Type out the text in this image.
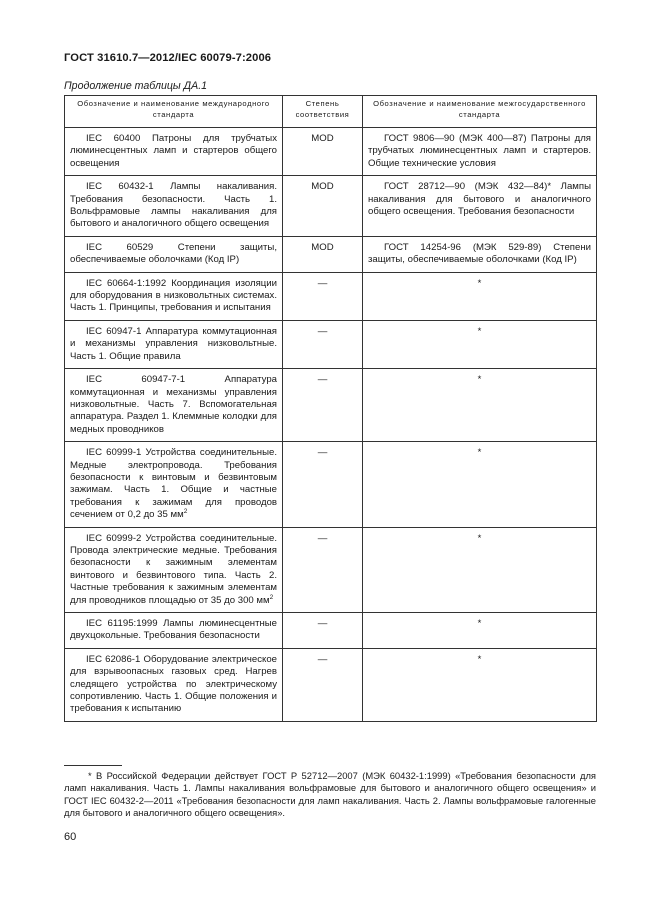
ГОСТ 31610.7—2012/IEC 60079-7:2006
Продолжение таблицы ДА.1
Обозначение и наименование международного стандарта	Степень соответствия	Обозначение и наименование межгосударственного стандарта
IEC 60400 Патроны для трубчатых люминесцентных ламп и стартеров общего освещения	MOD	ГОСТ 9806—90 (МЭК 400—87) Патроны для трубчатых люминесцентных ламп и стартеров. Общие технические условия
IEC 60432-1 Лампы накаливания. Требования безопасности. Часть 1. Вольфрамовые лампы накаливания для бытового и аналогичного общего освещения	MOD	ГОСТ 28712—90 (МЭК 432—84)* Лампы накаливания для бытового и аналогичного общего освещения. Требования безопасности
IEC 60529 Степени защиты, обеспечиваемые оболочками (Код IP)	MOD	ГОСТ 14254-96 (МЭК 529-89) Степени защиты, обеспечиваемые оболочками (Код IP)
IEC 60664-1:1992 Координация изоляции для оборудования в низковольтных системах. Часть 1. Принципы, требования и испытания	—	*
IEC 60947-1 Аппаратура коммутационная и механизмы управления низковольтные. Часть 1. Общие правила	—	*
IEC 60947-7-1 Аппаратура коммутационная и механизмы управления низковольтные. Часть 7. Вспомогательная аппаратура. Раздел 1. Клеммные колодки для медных проводников	—	*
IEC 60999-1 Устройства соединительные. Медные электропровода. Требования безопасности к винтовым и безвинтовым зажимам. Часть 1. Общие и частные требования к зажимам для проводов сечением от 0,2 до 35 $мм^2$	—	*
IEC 60999-2 Устройства соединительные. Провода электрические медные. Требования безопасности к зажимным элементам винтового и безвинтового типа. Часть 2. Частные требования к зажимным элементам для проводников площадью от 35 до 300 $мм^2$	—	*
IEC 61195:1999 Лампы люминесцентные двухцокольные. Требования безопасности	—	*
IEC 62086-1 Оборудование электрическое для взрывоопасных газовых сред. Нагрев следящего устройства по электрическому сопротивлению. Часть 1. Общие положения и требования к испытанию	—	*
* В Российской Федерации действует ГОСТ Р 52712—2007 (МЭК 60432-1:1999) «Требования безопасности для ламп накаливания. Часть 1. Лампы накаливания вольфрамовые для бытового и аналогичного общего освещения» и ГОСТ IEC 60432-2—2011 «Требования безопасности для ламп накаливания. Часть 2. Лампы вольфрамовые галогенные для бытового и аналогичного общего освещения».
60
